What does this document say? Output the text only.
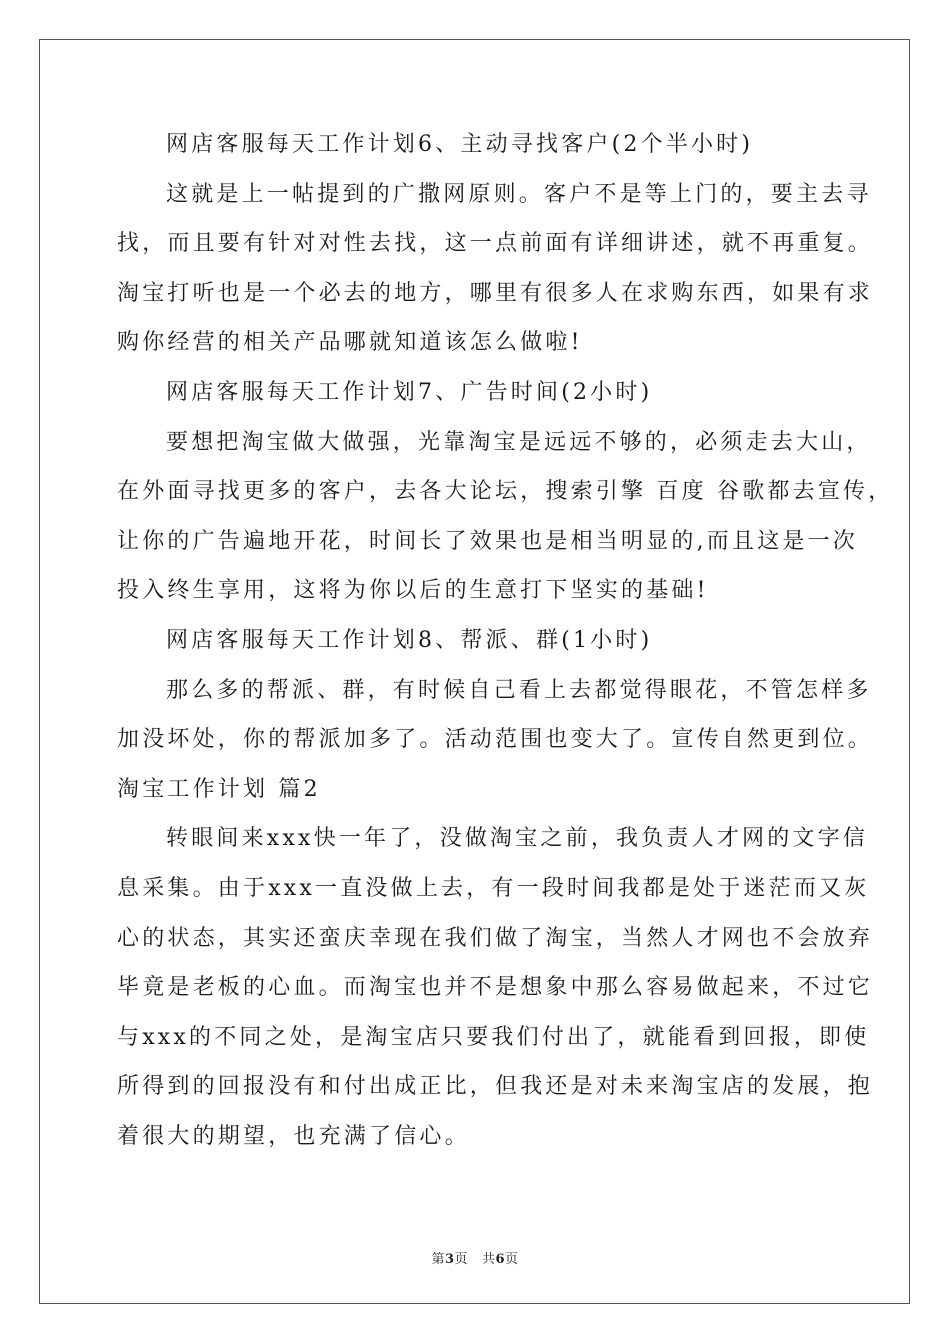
网店客服每天工作计划6、主动寻找客户(2个半小时)
这就是上一帖提到的广撒网原则。客户不是等上门的，要主去寻
找，而且要有针对对性去找，这一点前面有详细讲述，就不再重复。
淘宝打听也是一个必去的地方，哪里有很多人在求购东西，如果有求
购你经营的相关产品哪就知道该怎么做啦!
网店客服每天工作计划7、广告时间(2小时)
要想把淘宝做大做强，光靠淘宝是远远不够的，必须走去大山，
在外面寻找更多的客户，去各大论坛，搜索引擎 百度 谷歌都去宣传，
让你的广告遍地开花，时间长了效果也是相当明显的,而且这是一次
投入终生享用，这将为你以后的生意打下坚实的基础!
网店客服每天工作计划8、帮派、群(1小时)
那么多的帮派、群，有时候自己看上去都觉得眼花，不管怎样多
加没坏处，你的帮派加多了。活动范围也变大了。宣传自然更到位。
淘宝工作计划 篇2
转眼间来xxx快一年了，没做淘宝之前，我负责人才网的文字信
息采集。由于xxx一直没做上去，有一段时间我都是处于迷茫而又灰
心的状态，其实还蛮庆幸现在我们做了淘宝，当然人才网也不会放弃
毕竟是老板的心血。而淘宝也并不是想象中那么容易做起来，不过它
与xxx的不同之处，是淘宝店只要我们付出了，就能看到回报，即使
所得到的回报没有和付出成正比，但我还是对未来淘宝店的发展，抱
着很大的期望，也充满了信心。
第3页 共6页
